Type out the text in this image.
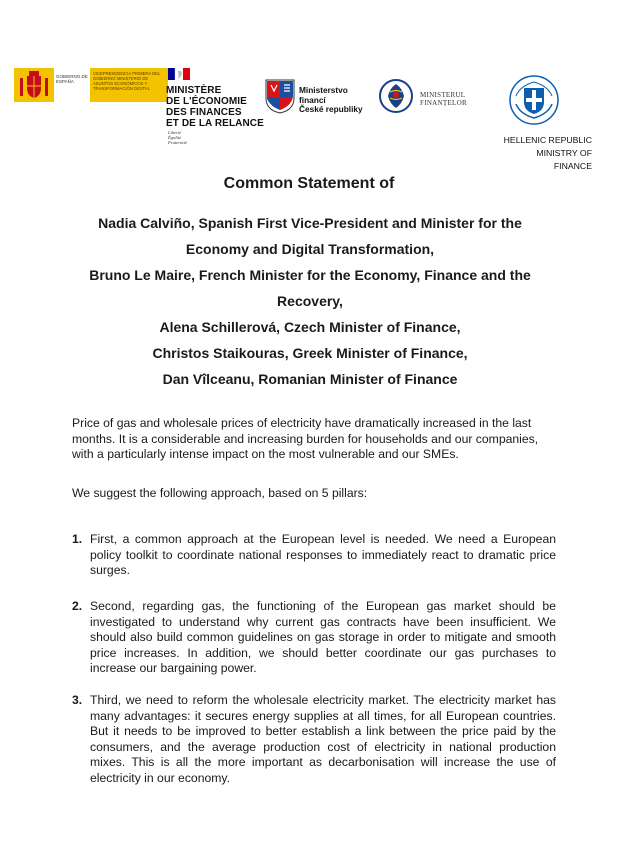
GOBIERNO DE ESPAÑA
VICEPRESIDENCIA PRIMERA DEL GOBIERNO MINISTERIO DE ASUNTOS ECONÓMICOS Y TRANSFORMACIÓN DIGITAL	MINISTÈRE
DE L'ÉCONOMIE
DES FINANCES
ET DE LA RELANCE
Liberté
Égalité
Fraternité
Ministerstvo financí
České republiky
MINISTERUL FINANȚELOR
HELLENIC REPUBLIC
MINISTRY OF FINANCE
Common Statement of
Nadia Calviño, Spanish First Vice-President and Minister for the
Economy and Digital Transformation,
Bruno Le Maire, French Minister for the Economy, Finance and the
Recovery,
Alena Schillerová, Czech Minister of Finance,
Christos Staikouras, Greek Minister of Finance,
Dan Vîlceanu, Romanian Minister of Finance

Price of gas and wholesale prices of electricity have dramatically increased in the last months. It is a considerable and increasing burden for households and our companies, with a particularly intense impact on the most vulnerable and our SMEs.

We suggest the following approach, based on 5 pillars:

1. First, a common approach at the European level is needed. We need a European policy toolkit to coordinate national responses to immediately react to dramatic price surges.
2. Second, regarding gas, the functioning of the European gas market should be investigated to understand why current gas contracts have been insufficient. We should also build common guidelines on gas storage in order to mitigate and smooth price increases. In addition, we should better coordinate our gas purchases to increase our bargaining power.
3. Third, we need to reform the wholesale electricity market. The electricity market has many advantages: it secures energy supplies at all times, for all European countries. But it needs to be improved to better establish a link between the price paid by the consumers, and the average production cost of electricity in national production mixes. This is all the more important as decarbonisation will increase the use of electricity in our economy.
